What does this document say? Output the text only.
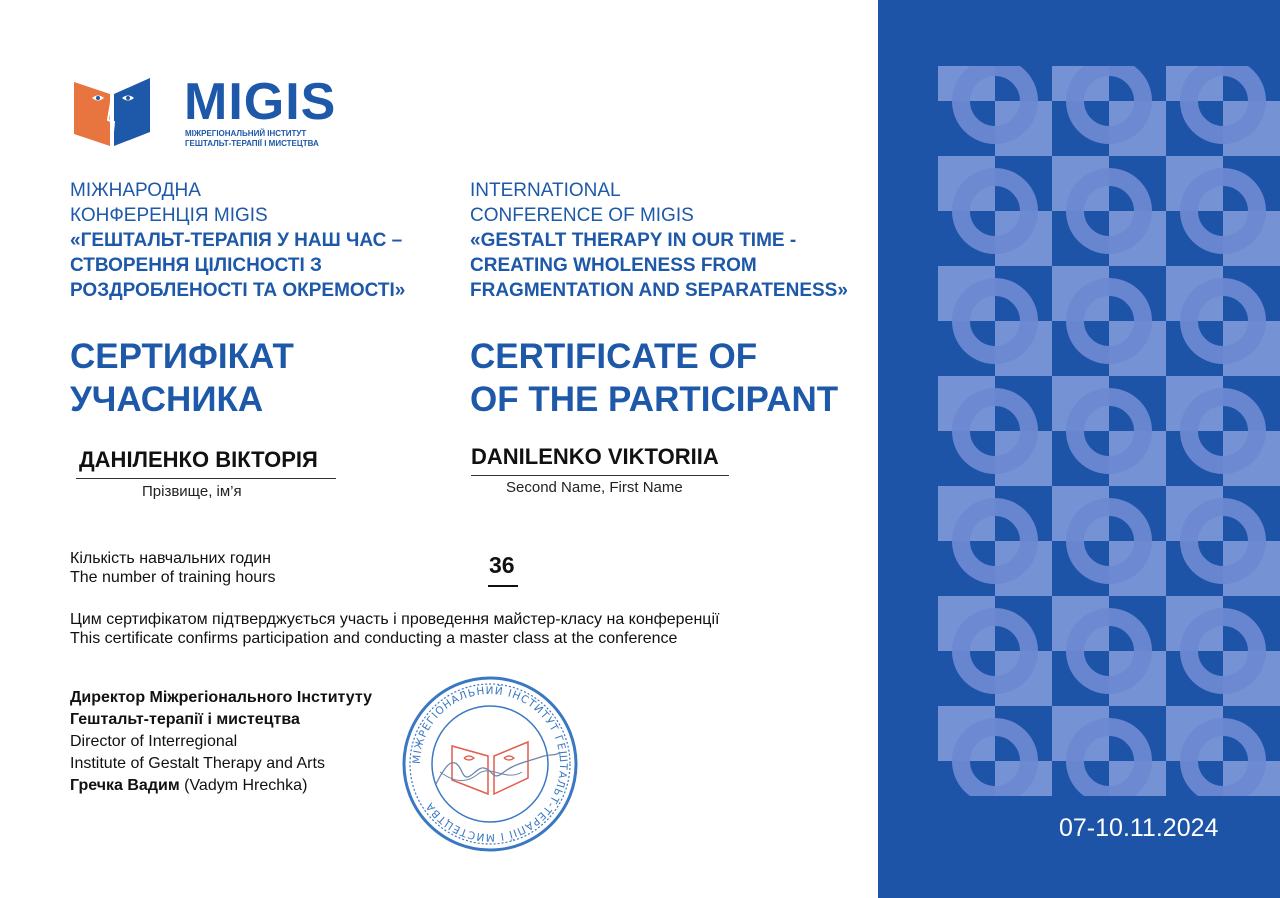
MIGIS
МІЖРЕГІОНАЛЬНИЙ ІНСТИТУТ
ГЕШТАЛЬТ-ТЕРАПІЇ І МИСТЕЦТВА
МІЖНАРОДНА
КОНФЕРЕНЦІЯ MIGIS
«ГЕШТАЛЬТ-ТЕРАПІЯ У НАШ ЧАС –
СТВОРЕННЯ ЦІЛІСНОСТІ З
РОЗДРОБЛЕНОСТІ ТА ОКРЕМОСТІ»
INTERNATIONAL
CONFERENCE OF MIGIS
«GESTALT THERAPY IN OUR TIME -
CREATING WHOLENESS FROM
FRAGMENTATION AND SEPARATENESS»
СЕРТИФІКАТ
УЧАСНИКА
CERTIFICATE OF
OF THE PARTICIPANT
ДАНІЛЕНКО ВІКТОРІЯ
Прізвище, ім’я
DANILENKO VIKTORIIA
Second Name, First Name
Кількість навчальних годин
The number of training hours	36
Цим сертифікатом підтверджується участь і проведення майстер-класу на конференції
This certificate confirms participation and conducting a master class at the conference
Директор Міжрегіонального Інституту
Гештальт-терапії і мистецтва
Director of Interregional
Institute of Gestalt Therapy and Arts
Гречка Вадим (Vadym Hrechka)
МІЖРЕГІОНАЛЬНИЙ ІНСТИТУТ ГЕШТАЛЬТ-ТЕРАПІЇ І МИСТЕЦТВА
07-10.11.2024
